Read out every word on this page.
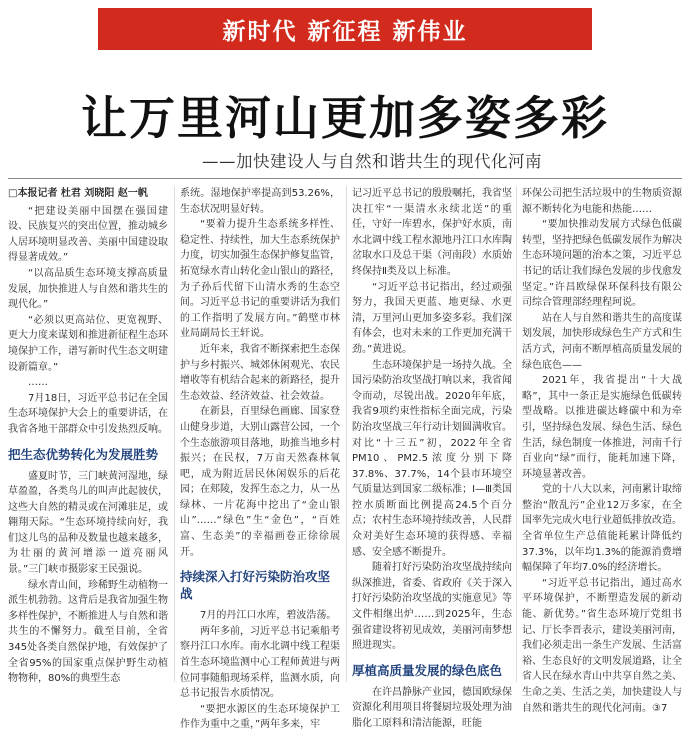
新时代 新征程 新伟业
让万里河山更加多姿多彩
——加快建设人与自然和谐共生的现代化河南

□本报记者 杜君 刘晓阳 赵一帆

“把建设美丽中国摆在强国建设、民族复兴的突出位置，推动城乡人居环境明显改善、美丽中国建设取得显著成效。”

“以高品质生态环境支撑高质量发展，加快推进人与自然和谐共生的现代化。”

“必须以更高站位、更宽视野、更大力度来谋划和推进新征程生态环境保护工作，谱写新时代生态文明建设新篇章。”

……

7月18日，习近平总书记在全国生态环境保护大会上的重要讲话，在我省各地干部群众中引发热烈反响。

把生态优势转化为发展胜势

盛夏时节，三门峡黄河湿地，绿草盈盈，各类鸟儿的叫声此起彼伏，这些大自然的精灵或在河滩驻足，或翱翔天际。“生态环境持续向好，我们这儿鸟的品种及数量也越来越多，为壮丽的黄河增添一道亮丽风景。”三门峡市摄影家王民强说。

绿水青山间，珍稀野生动植物一派生机勃勃。这背后是我省加强生物多样性保护，不断推进人与自然和谐共生的不懈努力。截至目前，全省345处各类自然保护地，有效保护了全省95%的国家重点保护野生动植物物种，80%的典型生态

系统。湿地保护率提高到53.26%，生态状况明显好转。

“要着力提升生态系统多样性、稳定性、持续性，加大生态系统保护力度，切实加强生态保护修复监管，拓宽绿水青山转化金山银山的路径，为子孙后代留下山清水秀的生态空间。习近平总书记的重要讲话为我们的工作指明了发展方向。”鹤壁市林业局副局长王轩说。

近年来，我省不断探索把生态保护与乡村振兴、城郊休闲观光、农民增收等有机结合起来的新路径，提升生态效益、经济效益、社会效益。

在新县，百里绿色画廊、国家登山健身步道，大别山露营公园，一个个生态旅游项目落地，助推当地乡村振兴；在民权，7万亩天然森林氧吧，成为附近居民休闲娱乐的后花园；在郏陵，发挥生态之力，从一丛绿林、一片花海中挖出了“金山银山”……“绿色”生“金色”，“百姓富、生态美”的幸福画卷正徐徐展开。

持续深入打好污染防治攻坚战

7月的丹江口水库，碧波浩荡。

两年多前，习近平总书记乘船考察丹江口水库。南水北调中线工程渠首生态环境监测中心工程师黄进与两位同事随船现场采样，监测水质，向总书记报告水质情况。

“要把水源区的生态环境保护工作作为重中之重，”两年多来，牢

记习近平总书记的殷殷嘱托，我省坚决扛牢“一渠清水永续北送”的重任，守好一库碧水，保护好水质，南水北调中线工程水源地丹江口水库陶岔取水口及总干渠（河南段）水质始终保持Ⅱ类及以上标准。

“习近平总书记指出，经过顽强努力，我国天更蓝、地更绿、水更清，万里河山更加多姿多彩。我们深有体会，也对未来的工作更加充满干劲。”黄进说。

生态环境保护是一场持久战。全国污染防治攻坚战打响以来，我省闻令而动，尽锐出战。2020年年底，我省9项约束性指标全面完成，污染防治攻坚战三年行动计划圆满收官。对比“十三五”初，2022年全省PM10、PM2.5浓度分别下降37.8%、37.7%，14个县市环境空气质量达到国家二级标准；Ⅰ—Ⅲ类国控水质断面比例提高24.5个百分点；农村生态环境持续改善，人民群众对美好生态环境的获得感、幸福感、安全感不断提升。

随着打好污染防治攻坚战持续向纵深推进，省委、省政府《关于深入打好污染防治攻坚战的实施意见》等文件相继出炉……到2025年，生态强省建设将初见成效，美丽河南梦想照进现实。

厚植高质量发展的绿色底色

在许昌静脉产业园，德国欧绿保资源化利用项目将餐厨垃圾处理为油脂化工原料和清洁能源，旺能

环保公司把生活垃圾中的生物质资源源不断转化为电能和热能……

“要加快推动发展方式绿色低碳转型，坚持把绿色低碳发展作为解决生态环境问题的治本之策，习近平总书记的话让我们绿色发展的步伐愈发坚定。”许昌欧绿保环保科技有限公司综合管理部经理程珂说。

站在人与自然和谐共生的高度谋划发展，加快形成绿色生产方式和生活方式，河南不断厚植高质量发展的绿色底色——

2021年，我省提出“十大战略”，其中一条正是实施绿色低碳转型战略。以推进碳达峰碳中和为牵引，坚持绿色发展、绿色生活、绿色生活，绿色制度一体推进，河南千行百业向“绿”而行，能耗加速下降，环境显著改善。

党的十八大以来，河南累计取缔整治“散乱污”企业12万多家，在全国率先完成火电行业超低排放改造。全省单位生产总值能耗累计降低约37.3%，以年均1.3%的能源消费增幅保障了年均7.0%的经济增长。

“习近平总书记指出，通过高水平环境保护，不断塑造发展的新动能、新优势。”省生态环境厅党组书记、厅长李晋表示，建设美丽河南，我们必须走出一条生产发展、生活富裕、生态良好的文明发展道路，让全省人民在绿水青山中共享自然之美、生命之美、生活之美，加快建设人与自然和谐共生的现代化河南。③7
